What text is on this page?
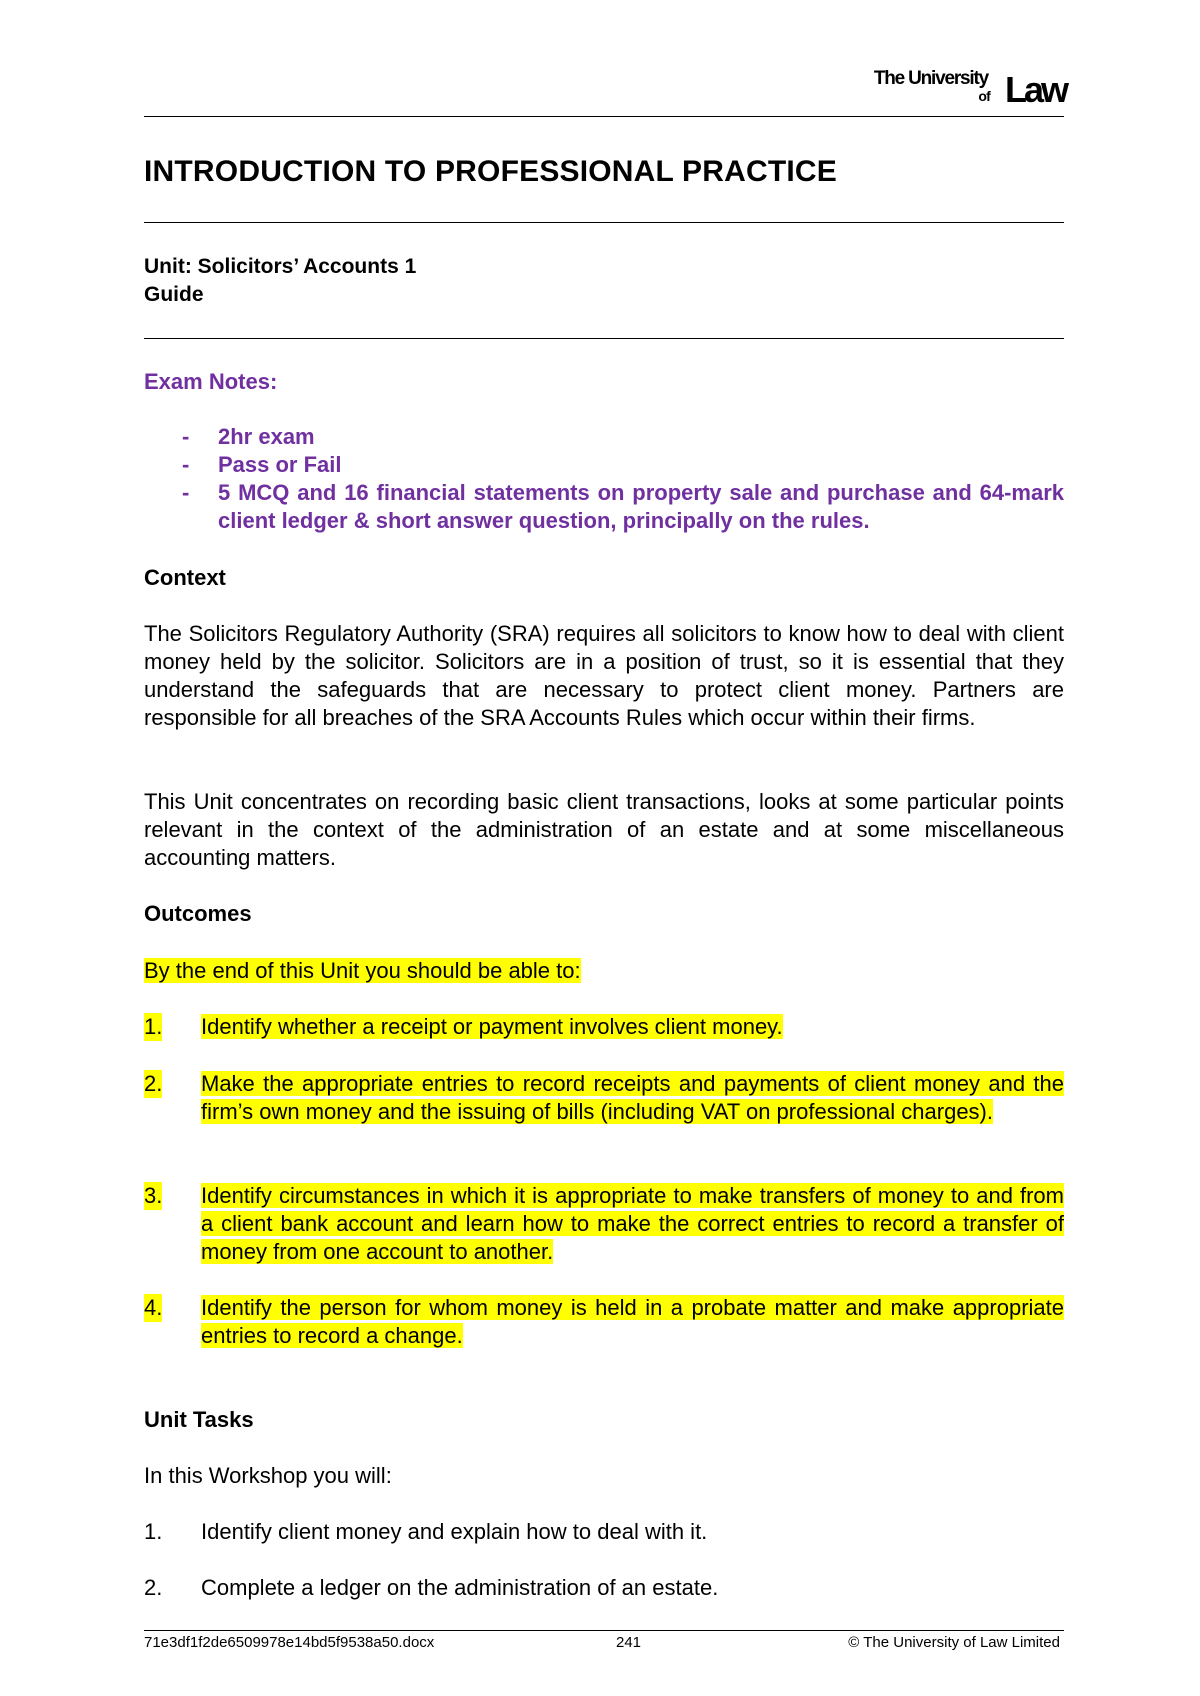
The University
of Law
INTRODUCTION TO PROFESSIONAL PRACTICE
Unit: Solicitors’ Accounts 1
Guide
Exam Notes:
- 2hr exam
- Pass or Fail
- 5 MCQ and 16 financial statements on property sale and purchase and 64-mark client ledger & short answer question, principally on the rules.
Context
The Solicitors Regulatory Authority (SRA) requires all solicitors to know how to deal with client money held by the solicitor. Solicitors are in a position of trust, so it is essential that they understand the safeguards that are necessary to protect client money. Partners are responsible for all breaches of the SRA Accounts Rules which occur within their firms.
This Unit concentrates on recording basic client transactions, looks at some particular points relevant in the context of the administration of an estate and at some miscellaneous accounting matters.
Outcomes
By the end of this Unit you should be able to:
1. Identify whether a receipt or payment involves client money.
2. Make the appropriate entries to record receipts and payments of client money and the firm’s own money and the issuing of bills (including VAT on professional charges).
3. Identify circumstances in which it is appropriate to make transfers of money to and from a client bank account and learn how to make the correct entries to record a transfer of money from one account to another.
4. Identify the person for whom money is held in a probate matter and make appropriate entries to record a change.
Unit Tasks
In this Workshop you will:
1. Identify client money and explain how to deal with it.
2. Complete a ledger on the administration of an estate.
71e3df1f2de6509978e14bd5f9538a50.docx	241	© The University of Law Limited
